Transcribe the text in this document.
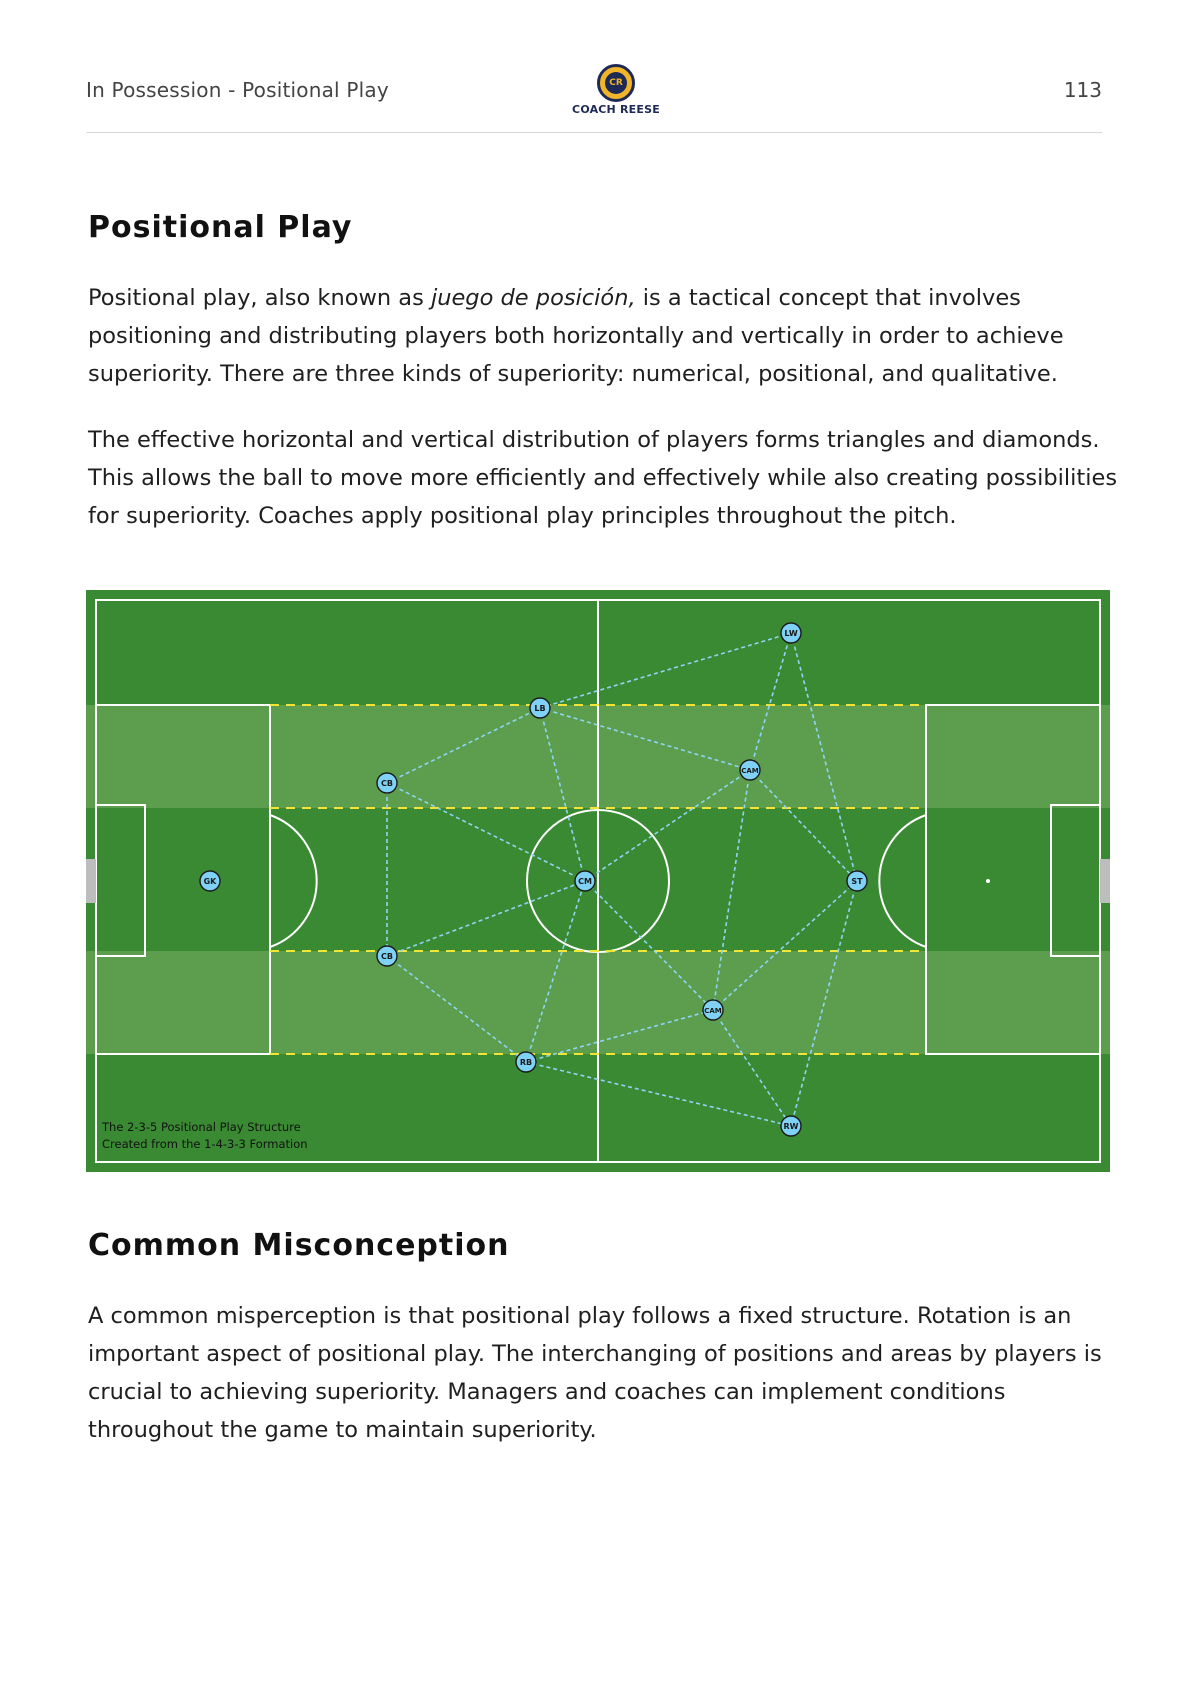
In Possession - Positional Play	CR
COACH REESE
113
Positional Play

Positional play, also known as juego de posición, is a tactical concept that involves positioning and distributing players both horizontally and vertically in order to achieve superiority. There are three kinds of superiority: numerical, positional, and qualitative.

The effective horizontal and vertical distribution of players forms triangles and diamonds. This allows the ball to move more efficiently and effectively while also creating possibilities for superiority. Coaches apply positional play principles throughout the pitch.

GK
CB
CB
LB
RB
CM
CAM
CAM
LW
RW
ST
The 2-3-5 Positional Play Structure
Created from the 1-4-3-3 Formation
Common Misconception

A common misperception is that positional play follows a fixed structure. Rotation is an important aspect of positional play. The interchanging of positions and areas by players is crucial to achieving superiority. Managers and coaches can implement conditions throughout the game to maintain superiority.
